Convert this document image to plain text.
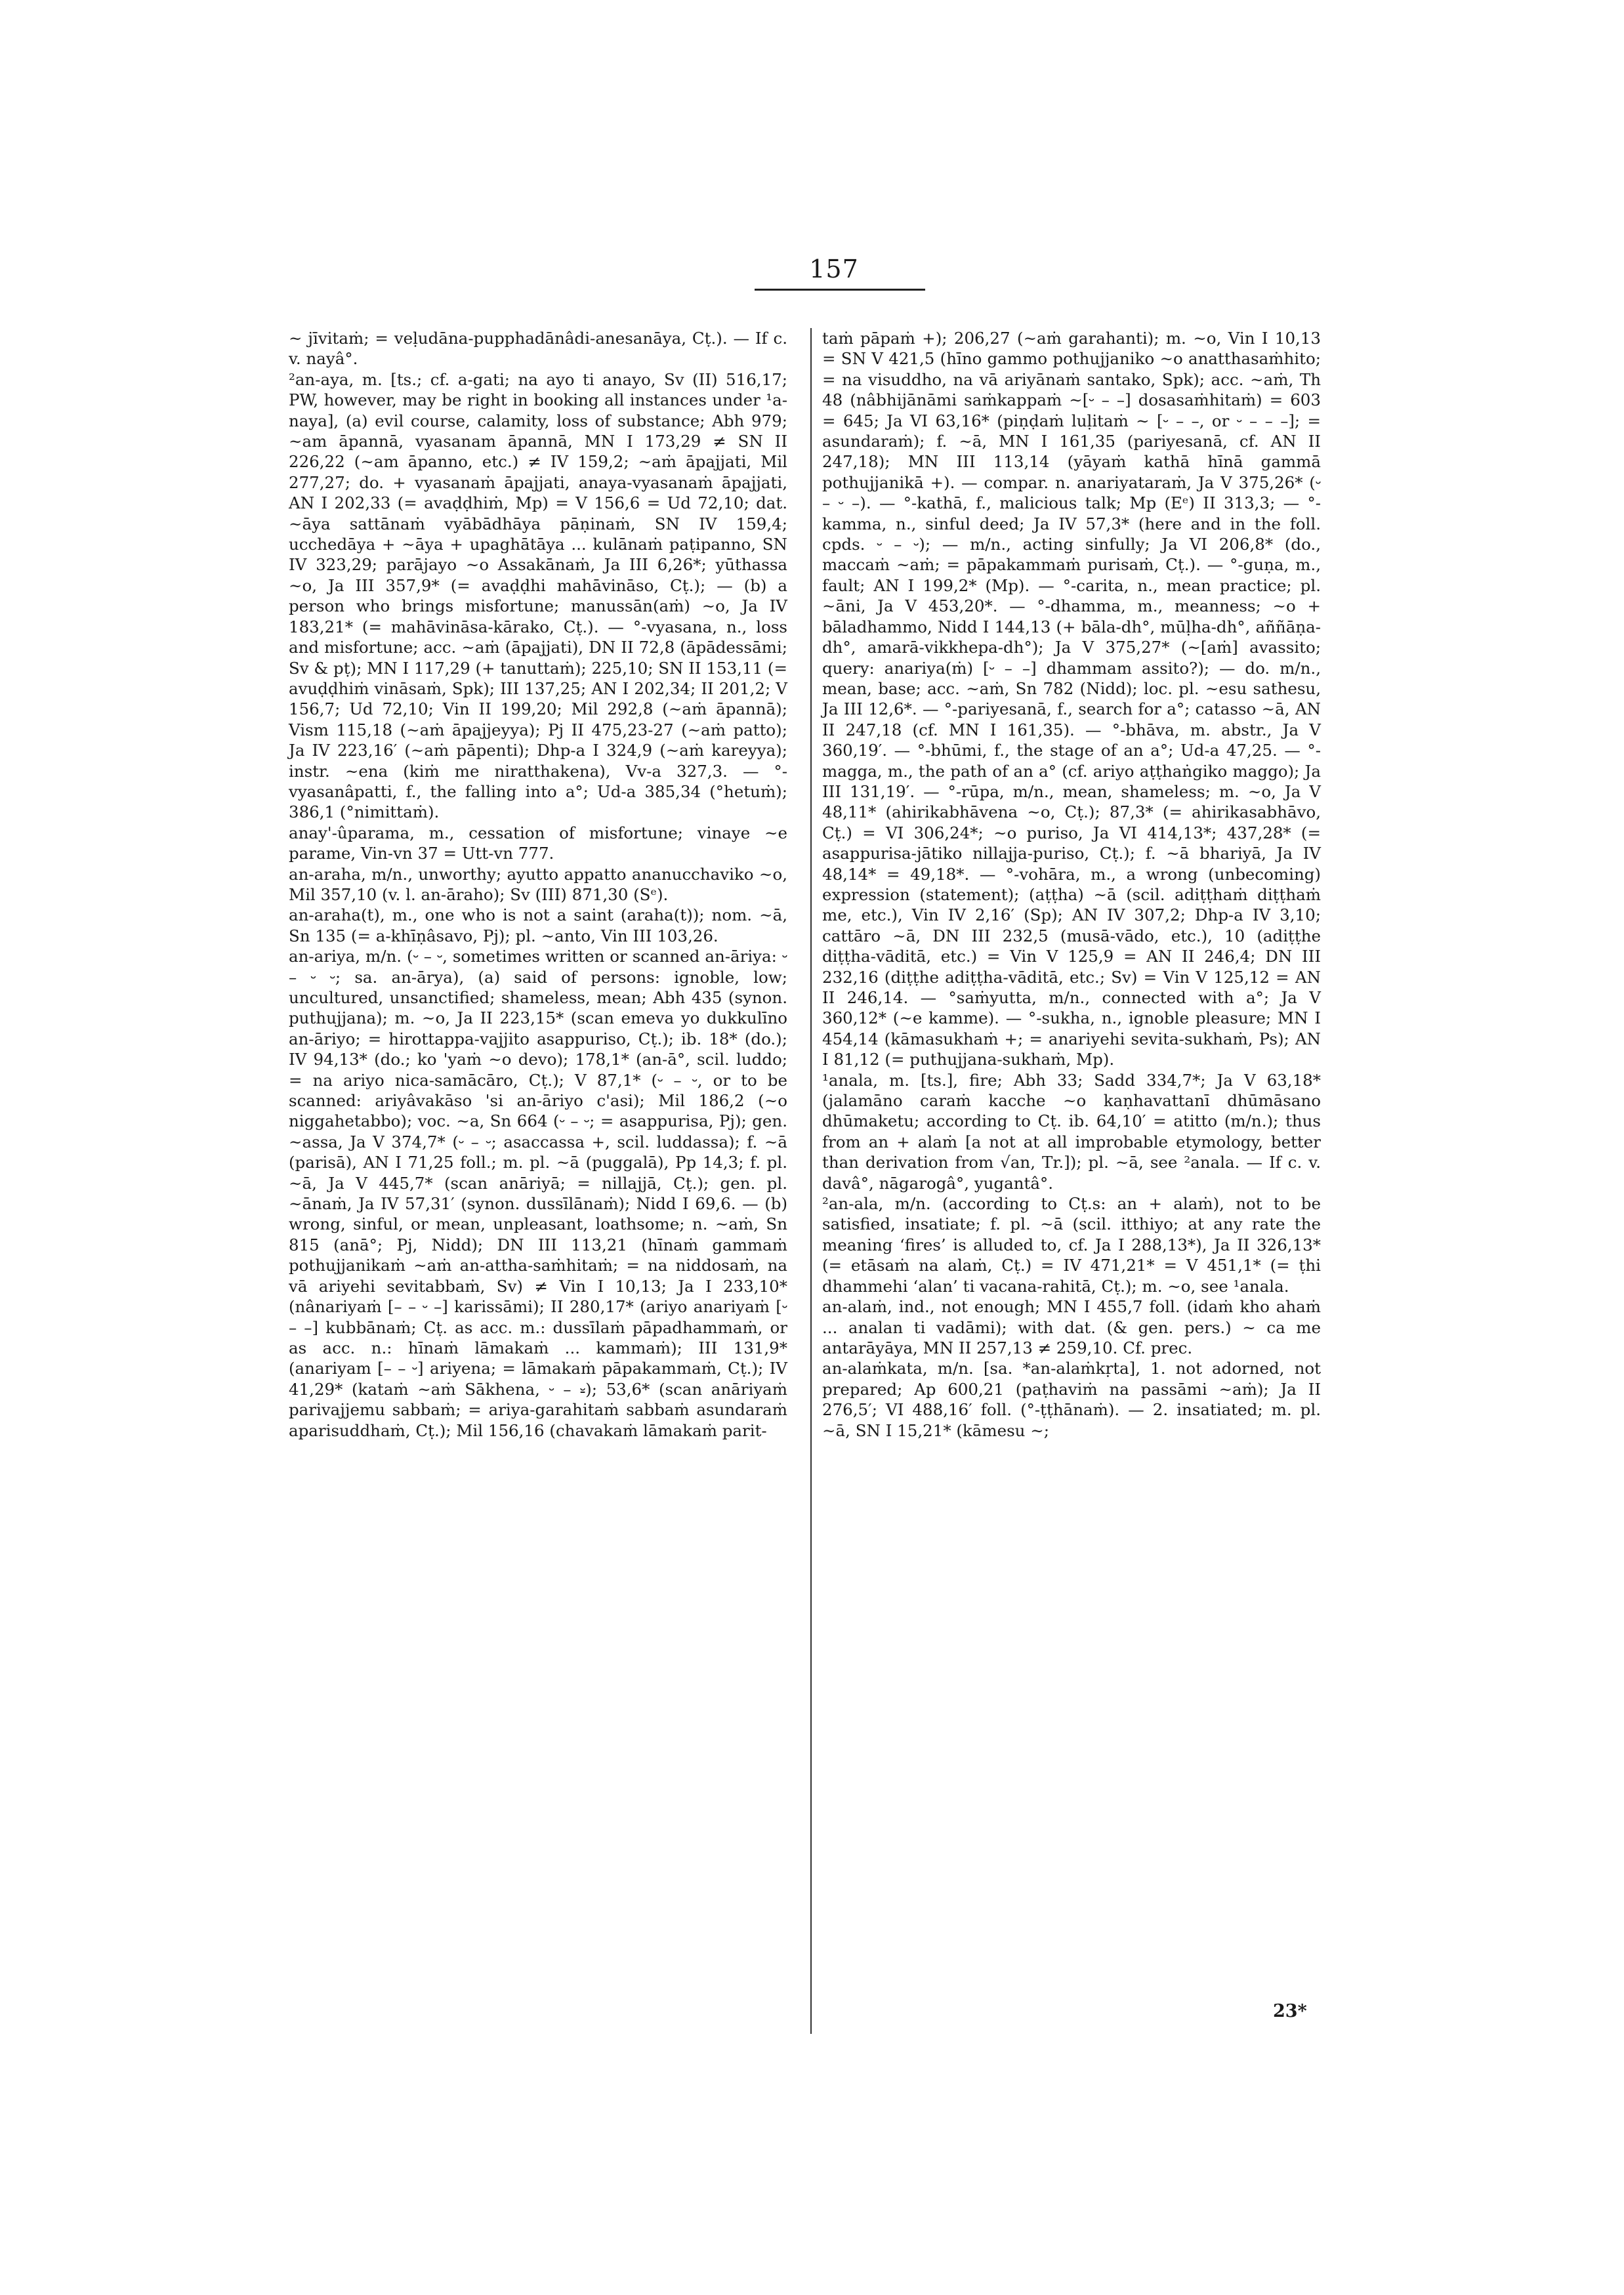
157

~ jīvitaṁ; = veḷudāna-pupphadānâdi-anesanāya, Cṭ.). — If c. v. nayâ°.

²an-aya, m. [ts.; cf. a-gati; na ayo ti anayo, Sv (II) 516,17; PW, however, may be right in booking all instances under ¹a-naya], (a) evil course, calamity, loss of substance; Abh 979; ~am āpannā, vyasanam āpannā, MN I 173,29 ≠ SN II 226,22 (~am āpanno, etc.) ≠ IV 159,2; ~aṁ āpajjati, Mil 277,27; do. + vyasanaṁ āpajjati, anaya-vyasanaṁ āpajjati, AN I 202,33 (= avaḍḍhiṁ, Mp) = V 156,6 = Ud 72,10; dat. ~āya sattānaṁ vyābādhāya pāṇinaṁ, SN IV 159,4; ucchedāya + ~āya + upaghātāya ... kulānaṁ paṭipanno, SN IV 323,29; parājayo ~o Assakānaṁ, Ja III 6,26*; yūthassa ~o, Ja III 357,9* (= avaḍḍhi mahāvināso, Cṭ.); — (b) a person who brings misfortune; manussān(aṁ) ~o, Ja IV 183,21* (= mahāvināsa-kārako, Cṭ.). — °-vyasana, n., loss and misfortune; acc. ~aṁ (āpajjati), DN II 72,8 (āpādessāmi; Sv & pṭ); MN I 117,29 (+ tanuttaṁ); 225,10; SN II 153,11 (= avuḍḍhiṁ vināsaṁ, Spk); III 137,25; AN I 202,34; II 201,2; V 156,7; Ud 72,10; Vin II 199,20; Mil 292,8 (~aṁ āpannā); Vism 115,18 (~aṁ āpajjeyya); Pj II 475,23-27 (~aṁ patto); Ja IV 223,16′ (~aṁ pāpenti); Dhp-a I 324,9 (~aṁ kareyya); instr. ~ena (kiṁ me niratthakena), Vv-a 327,3. — °-vyasanâpatti, f., the falling into a°; Ud-a 385,34 (°hetuṁ); 386,1 (°nimittaṁ).

anay'-ûparama, m., cessation of misfortune; vinaye ~e parame, Vin-vn 37 = Utt-vn 777.

an-araha, m/n., unworthy; ayutto appatto ananucchaviko ~o, Mil 357,10 (v. l. an-āraho); Sv (III) 871,30 (Sᵉ).

an-araha(t), m., one who is not a saint (araha(t)); nom. ~ā, Sn 135 (= a-khīṇâsavo, Pj); pl. ~anto, Vin III 103,26.

an-ariya, m/n. (⏑ – ⏑, sometimes written or scanned an-āriya: ⏑ – ⏑ ⏑; sa. an-ārya), (a) said of persons: ignoble, low; uncultured, unsanctified; shameless, mean; Abh 435 (synon. puthujjana); m. ~o, Ja II 223,15* (scan emeva yo dukkulīno an-āriyo; = hirottappa-vajjito asappuriso, Cṭ.); ib. 18* (do.); IV 94,13* (do.; ko 'yaṁ ~o devo); 178,1* (an-ā°, scil. luddo; = na ariyo nica-samācāro, Cṭ.); V 87,1* (⏑ – ⏑, or to be scanned: ariyâvakāso 'si an-āriyo c'asi); Mil 186,2 (~o niggahetabbo); voc. ~a, Sn 664 (⏑ – ⏑; = asappurisa, Pj); gen. ~assa, Ja V 374,7* (⏑ – ⏑; asaccassa +, scil. luddassa); f. ~ā (parisā), AN I 71,25 foll.; m. pl. ~ā (puggalā), Pp 14,3; f. pl. ~ā, Ja V 445,7* (scan anāriyā; = nillajjā, Cṭ.); gen. pl. ~ānaṁ, Ja IV 57,31′ (synon. dussīlānaṁ); Nidd I 69,6. — (b) wrong, sinful, or mean, unpleasant, loathsome; n. ~aṁ, Sn 815 (anā°; Pj, Nidd); DN III 113,21 (hīnaṁ gammaṁ pothujjanikaṁ ~aṁ an-attha-saṁhitaṁ; = na niddosaṁ, na vā ariyehi sevitabbaṁ, Sv) ≠ Vin I 10,13; Ja I 233,10* (nânariyaṁ [– – ⏑ –] karissāmi); II 280,17* (ariyo anariyaṁ [⏑ – –] kubbānaṁ; Cṭ. as acc. m.: dussīlaṁ pāpadhammaṁ, or as acc. n.: hīnaṁ lāmakaṁ ... kammaṁ); III 131,9* (anariyam [– – ⏑] ariyena; = lāmakaṁ pāpakammaṁ, Cṭ.); IV 41,29* (kataṁ ~aṁ Sākhena, ⏑ – ⏓); 53,6* (scan anāriyaṁ parivajjemu sabbaṁ; = ariya-garahitaṁ sabbaṁ asundaraṁ aparisuddhaṁ, Cṭ.); Mil 156,16 (chavakaṁ lāmakaṁ parit-

taṁ pāpaṁ +); 206,27 (~aṁ garahanti); m. ~o, Vin I 10,13 = SN V 421,5 (hīno gammo pothujjaniko ~o anatthasaṁhito; = na visuddho, na vā ariyānaṁ santako, Spk); acc. ~aṁ, Th 48 (nâbhijānāmi saṁkappaṁ ~[⏑ – –] dosasaṁhitaṁ) = 603 = 645; Ja VI 63,16* (piṇḍaṁ luḷitaṁ ~ [⏑ – –, or ⏑ – – –]; = asundaraṁ); f. ~ā, MN I 161,35 (pariyesanā, cf. AN II 247,18); MN III 113,14 (yāyaṁ kathā hīnā gammā pothujjanikā +). — compar. n. anariyataraṁ, Ja V 375,26* (⏑ – ⏑ –). — °-kathā, f., malicious talk; Mp (Eᵉ) II 313,3; — °-kamma, n., sinful deed; Ja IV 57,3* (here and in the foll. cpds. ⏑ – ⏑); — m/n., acting sinfully; Ja VI 206,8* (do., maccaṁ ~aṁ; = pāpakammaṁ purisaṁ, Cṭ.). — °-guṇa, m., fault; AN I 199,2* (Mp). — °-carita, n., mean practice; pl. ~āni, Ja V 453,20*. — °-dhamma, m., meanness; ~o + bāladhammo, Nidd I 144,13 (+ bāla-dh°, mūḷha-dh°, aññāṇa-dh°, amarā-vikkhepa-dh°); Ja V 375,27* (~[aṁ] avassito; query: anariya(ṁ) [⏑ – –] dhammam assito?); — do. m/n., mean, base; acc. ~aṁ, Sn 782 (Nidd); loc. pl. ~esu sathesu, Ja III 12,6*. — °-pariyesanā, f., search for a°; catasso ~ā, AN II 247,18 (cf. MN I 161,35). — °-bhāva, m. abstr., Ja V 360,19′. — °-bhūmi, f., the stage of an a°; Ud-a 47,25. — °-magga, m., the path of an a° (cf. ariyo aṭṭhaṅgiko maggo); Ja III 131,19′. — °-rūpa, m/n., mean, shameless; m. ~o, Ja V 48,11* (ahirikabhāvena ~o, Cṭ.); 87,3* (= ahirikasabhāvo, Cṭ.) = VI 306,24*; ~o puriso, Ja VI 414,13*; 437,28* (= asappurisa-jātiko nillajja-puriso, Cṭ.); f. ~ā bhariyā, Ja IV 48,14* = 49,18*. — °-vohāra, m., a wrong (unbecoming) expression (statement); (aṭṭha) ~ā (scil. adiṭṭhaṁ diṭṭhaṁ me, etc.), Vin IV 2,16′ (Sp); AN IV 307,2; Dhp-a IV 3,10; cattāro ~ā, DN III 232,5 (musā-vādo, etc.), 10 (adiṭṭhe diṭṭha-vāditā, etc.) = Vin V 125,9 = AN II 246,4; DN III 232,16 (diṭṭhe adiṭṭha-vāditā, etc.; Sv) = Vin V 125,12 = AN II 246,14. — °saṁyutta, m/n., connected with a°; Ja V 360,12* (~e kamme). — °-sukha, n., ignoble pleasure; MN I 454,14 (kāmasukhaṁ +; = anariyehi sevita-sukhaṁ, Ps); AN I 81,12 (= puthujjana-sukhaṁ, Mp).

¹anala, m. [ts.], fire; Abh 33; Sadd 334,7*; Ja V 63,18* (jalamāno caraṁ kacche ~o kaṇhavattanī dhūmāsano dhūmaketu; according to Cṭ. ib. 64,10′ = atitto (m/n.); thus from an + alaṁ [a not at all improbable etymology, better than derivation from √an, Tr.]); pl. ~ā, see ²anala. — If c. v. davâ°, nāgarogâ°, yugantâ°.

²an-ala, m/n. (according to Cṭ.s: an + alaṁ), not to be satisfied, insatiate; f. pl. ~ā (scil. itthiyo; at any rate the meaning ‘fires’ is alluded to, cf. Ja I 288,13*), Ja II 326,13* (= etāsaṁ na alaṁ, Cṭ.) = IV 471,21* = V 451,1* (= ṭhi dhammehi ‘alan’ ti vacana-rahitā, Cṭ.); m. ~o, see ¹anala.

an-alaṁ, ind., not enough; MN I 455,7 foll. (idaṁ kho ahaṁ ... analan ti vadāmi); with dat. (& gen. pers.) ~ ca me antarāyāya, MN II 257,13 ≠ 259,10. Cf. prec.

an-alaṁkata, m/n. [sa. *an-alaṁkṛta], 1. not adorned, not prepared; Ap 600,21 (paṭhaviṁ na passāmi ~aṁ); Ja II 276,5′; VI 488,16′ foll. (°-ṭṭhānaṁ). — 2. insatiated; m. pl. ~ā, SN I 15,21* (kāmesu ~;

23*
